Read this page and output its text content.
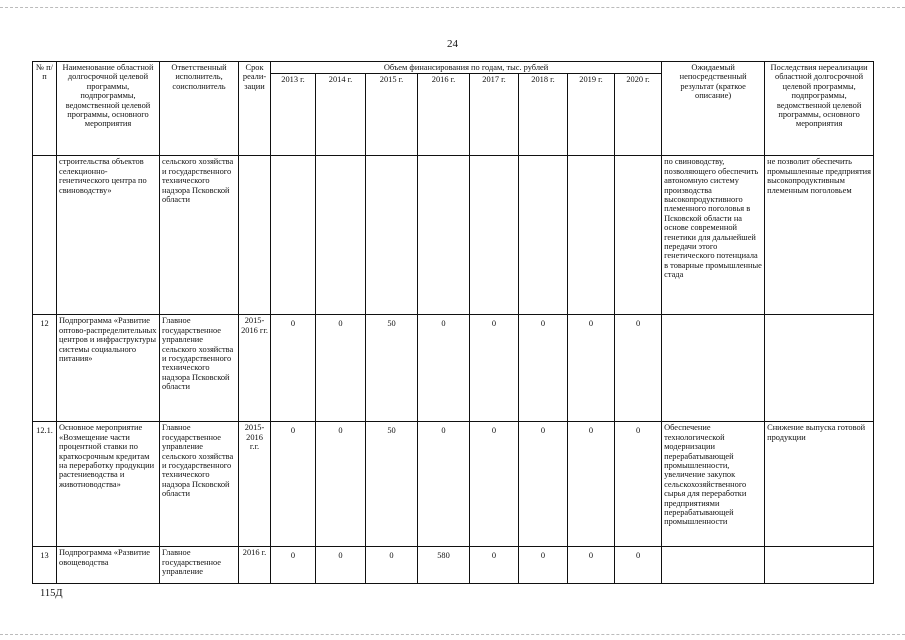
24
№ п/п	Наименование областной долгосрочной целевой программы, подпрограммы, ведомственной целевой программы, основного мероприятия	Ответственный исполнитель, соисполнитель	Срок реали-зации	Объем финансирования по годам, тыс. рублей								Ожидаемый непосредственный результат (краткое описание)	Последствия нереализации областной долгосрочной целевой программы, подпрограммы, ведомственной целевой программы, основного мероприятия
				2013 г.	2014 г.	2015 г.	2016 г.	2017 г.	2018 г.	2019 г.	2020 г.		
	строительства объектов селекционно-генетического центра по свиноводству»	сельского хозяйства и государственного технического надзора Псковской области										по свиноводству, позволяющего обеспечить автономную систему производства высокопродуктивного племенного поголовья в Псковской области на основе современной генетики для дальнейшей передачи этого генетического потенциала в товарные промышленные стада	не позволит обеспечить промышленные предприятия высокопродуктивным племенным поголовьем
12	Подпрограмма «Развитие оптово-распределительных центров и инфраструктуры системы социального питания»	Главное государственное управление сельского хозяйства и государственного технического надзора Псковской области	2015-2016 гг.	0	0	50	0	0	0	0	0		
12.1.	Основное мероприятие «Возмещение части процентной ставки по краткосрочным кредитам на переработку продукции растениеводства и животноводства»	Главное государственное управление сельского хозяйства и государственного технического надзора Псковской области	2015-2016 г.г.	0	0	50	0	0	0	0	0	Обеспечение технологической модернизации перерабатывающей промышленности, увеличение закупок сельскохозяйственного сырья для переработки предприятиями перерабатывающей промышленности	Снижение выпуска готовой продукции
13	Подпрограмма «Развитие овощеводства	Главное государственное управление	2016 г.	0	0	0	580	0	0	0	0		
115Д
